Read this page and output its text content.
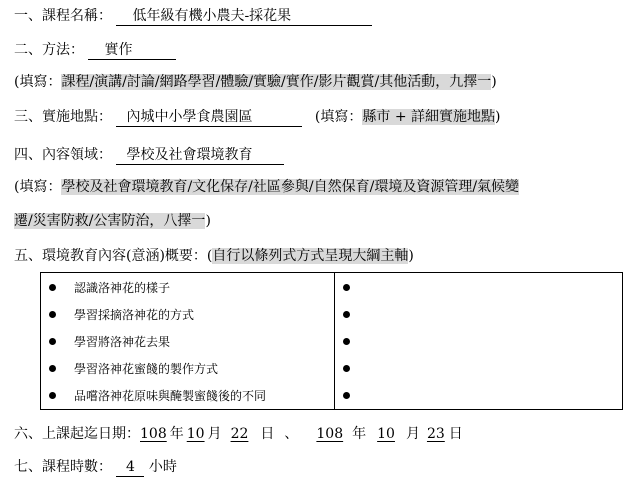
一、課程名稱： 低年級有機小農夫-採花果
二、方法： 實作
(填寫：課程/演講/討論/網路學習/體驗/實驗/實作/影片觀賞/其他活動，九擇一)
三、實施地點： 內城中小學食農園區	(填寫：縣市 + 詳細實施地點)
四、內容領域： 學校及社會環境教育
(填寫：學校及社會環境教育/文化保存/社區參與/自然保育/環境及資源管理/氣候變
遷/災害防救/公害防治，八擇一)
五、環境教育內容(意涵)概要：(自行以條列式方式呈現大綱主軸)
認識洛神花的樣子
學習採摘洛神花的方式
學習將洛神花去果
學習洛神花蜜餞的製作方式
品嚐洛神花原味與醃製蜜餞後的不同
六、上課起迄日期：108 年 10 月 22 日 、 108 年 10 月 23 日
七、課程時數： 4 小時
